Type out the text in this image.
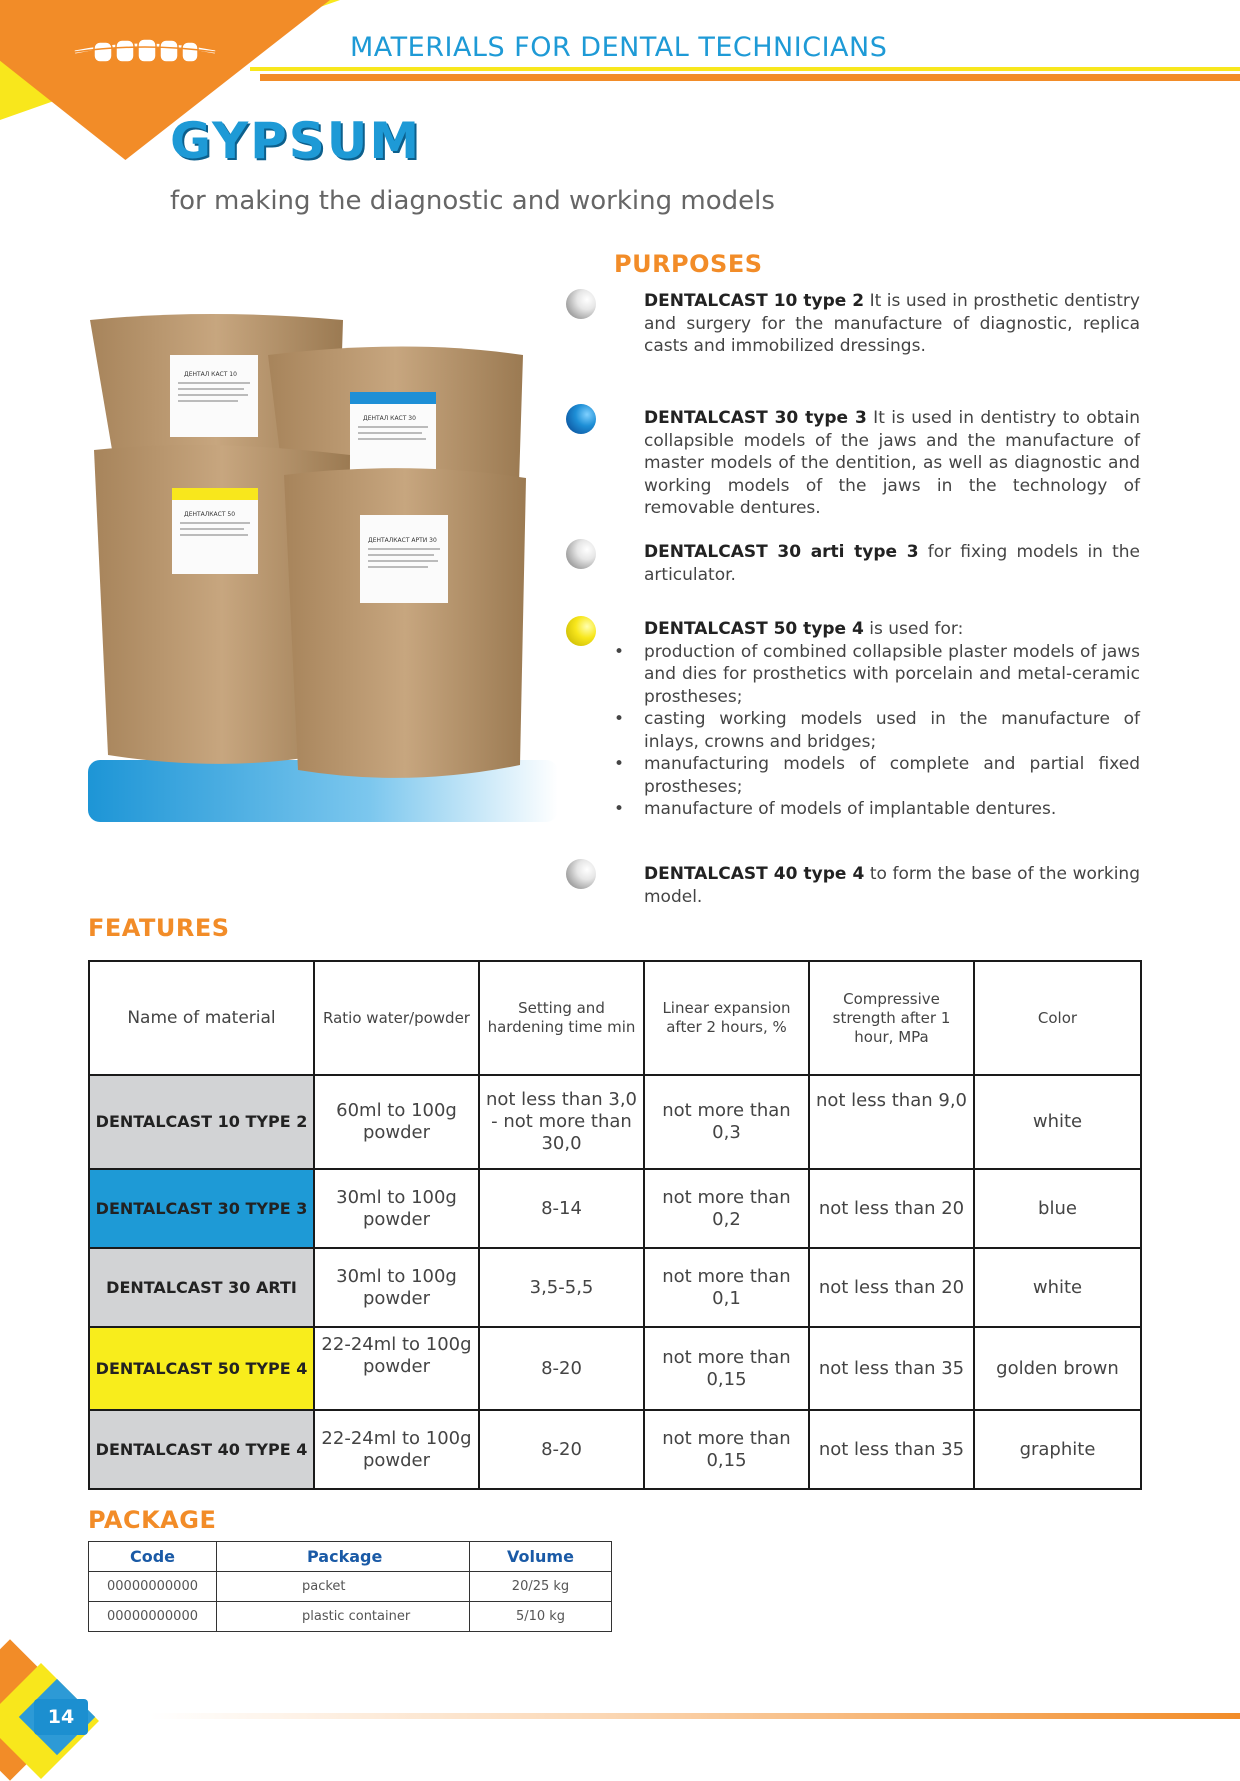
MATERIALS FOR DENTAL TECHNICIANS
GYPSUM
for making the diagnostic and working models
ДЕНТАЛ КАСТ 10
ДЕНТАЛ КАСТ 30
ДЕНТАЛКАСТ 50
ДЕНТАЛКАСТ АРТИ 30
PURPOSES
DENTALCAST 10 type 2 It is used in prosthetic dentistry and surgery for the manufacture of diagnostic, replica casts and immobilized dressings.
DENTALCAST 30 type 3 It is used in dentistry to obtain collapsible models of the jaws and the manufacture of master models of the dentition, as well as diagnostic and working models of the jaws in the technology of removable dentures.
DENTALCAST 30 arti type 3 for fixing models in the articulator.
DENTALCAST 50 type 4 is used for:
• production of combined collapsible plaster models of jaws and dies for prosthetics with porcelain and metal-ceramic prostheses;
• casting working models used in the manufacture of inlays, crowns and bridges;
• manufacturing models of complete and partial fixed prostheses;
• manufacture of models of implantable dentures.
DENTALCAST 40 type 4 to form the base of the working model.
FEATURES
Name of material	Ratio water/powder	Setting and hardening time min	Linear expansion after 2 hours, %	Compressive strength after 1 hour, MPa	Color
DENTALCAST 10 TYPE 2	60ml to 100g powder	not less than 3,0 - not more than 30,0	not more than 0,3	not less than 9,0	white
DENTALCAST 30 TYPE 3	30ml to 100g powder	8-14	not more than 0,2	not less than 20	blue
DENTALCAST 30 ARTI	30ml to 100g powder	3,5-5,5	not more than 0,1	not less than 20	white
DENTALCAST 50 TYPE 4	22-24ml to 100g powder	8-20	not more than 0,15	not less than 35	golden brown
DENTALCAST 40 TYPE 4	22-24ml to 100g powder	8-20	not more than 0,15	not less than 35	graphite
PACKAGE
Code	Package	Volume
00000000000	packet	20/25 kg
00000000000	plastic container	5/10 kg
14
